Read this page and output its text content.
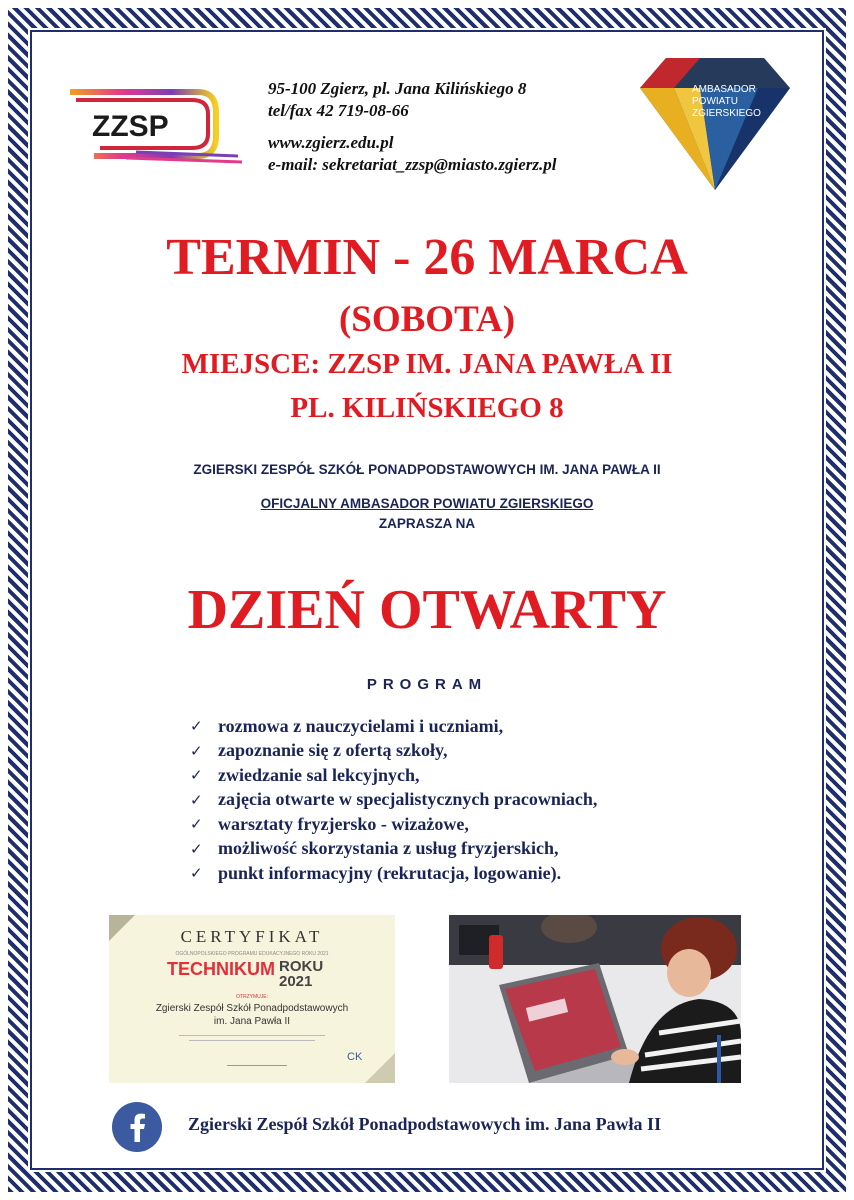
ZZSP
95-100 Zgierz, pl. Jana Kilińskiego 8
tel/fax 42 719-08-66
www.zgierz.edu.pl
e-mail: sekretariat_zzsp@miasto.zgierz.pl
AMBASADOR
POWIATU
ZGIERSKIEGO
TERMIN - 26 MARCA
(SOBOTA)
MIEJSCE: ZZSP IM. JANA PAWŁA II
PL. KILIŃSKIEGO 8
ZGIERSKI ZESPÓŁ SZKÓŁ PONADPODSTAWOWYCH IM. JANA PAWŁA II
OFICJALNY AMBASADOR POWIATU ZGIERSKIEGO
ZAPRASZA NA
DZIEŃ OTWARTY
PROGRAM
✓ rozmowa z nauczycielami i uczniami,
✓ zapoznanie się z ofertą szkoły,
✓ zwiedzanie sal lekcyjnych,
✓ zajęcia otwarte w specjalistycznych pracowniach,
✓ warsztaty fryzjersko - wizażowe,
✓ możliwość skorzystania z usług fryzjerskich,
✓ punkt informacyjny (rekrutacja, logowanie).
CERTYFIKAT
OGÓLNOPOLSKIEGO PROGRAMU EDUKACYJNEGO ROKU 2021
TECHNIKUM ROKU
2021
OTRZYMUJE:
Zgierski Zespół Szkół Ponadpodstawowych
im. Jana Pawła II
CK
Zgierski Zespół Szkół Ponadpodstawowych im. Jana Pawła II
